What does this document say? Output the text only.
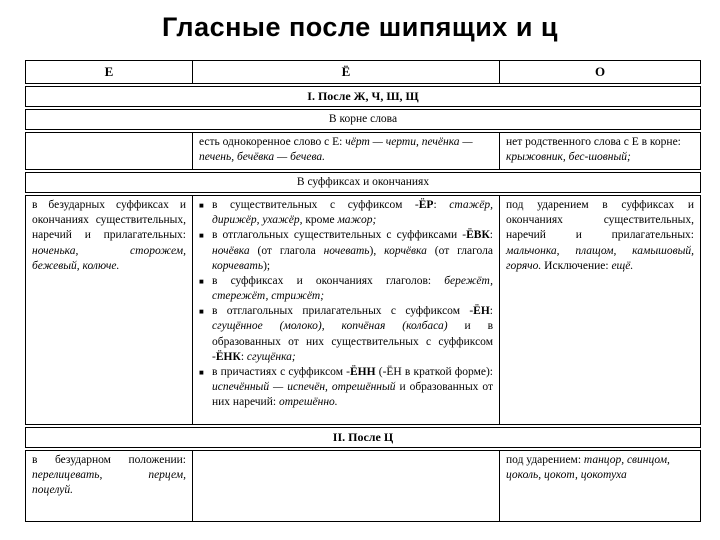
Гласные после шипящих и ц
Е	Ё	О
I. После Ж, Ч, Ш, Щ
В корне слова
есть однокоренное слово с Е: чёрт — черти, печёнка — печень, бечёвка — бечева.
нет родственного слова с Е в корне: крыжовник, бес-шовный;
В суффиксах и окончаниях
в безударных суффиксах и окончаниях существительных, наречий и прилагательных: ноченька, сторожем, бежевый, колюче.
■ в существительных с суффиксом -ЁР: стажёр, дирижёр, ухажёр, кроме мажор;
■ в отглагольных существительных с суффиксами -ЁВК: ночёвка (от глагола ночевать), корчёвка (от глагола корчевать);
■ в суффиксах и окончаниях глаголов: бережёт, стережёт, стрижёт;
■ в отглагольных прилагательных с суффиксом -ЁН: сгущённое (молоко), копчёная (колбаса) и в образованных от них существительных с суффиксом -ЁНК: сгущёнка;
■ в причастиях с суффиксом -ЁНН (-ЁН в краткой форме): испечённый — испечён, отрешённый и образованных от них наречий: отрешённо.
под ударением в суффиксах и окончаниях существительных, наречий и прилагательных: мальчонка, плащом, камышовый, горячо. Исключение: ещё.
II. После Ц
в безударном положении: перелицевать, перцем, поцелуй.
под ударением: танцор, свинцом, цоколь, цокот, цокотуха
